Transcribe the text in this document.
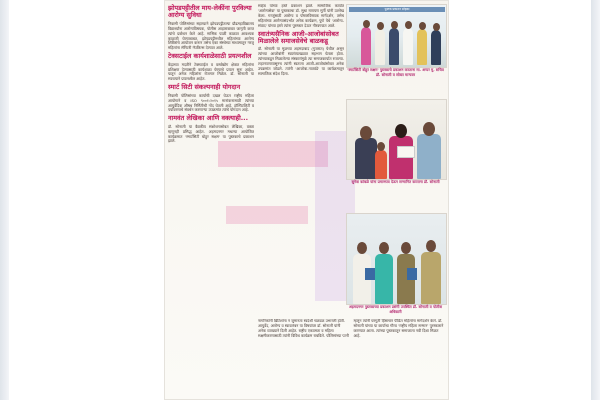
झोपडपट्टीतील माय-लेकींना पुरविल्या आरोग्य सुविधा

निवासी पोलिसांच्या सहाय्याने झोपडपट्टीतल्या प्रौढमहाविद्यालय विद्यार्थ्यांना आरोग्यविषयक, पोलीस आहाराबाबत जागृती करत त्यांचे प्रबोधन केले आहे. मासिक पाळी काळात आवश्यक काळजी घेण्याबाबत, झोपडपट्टीमधील महिलांच्या आरोग्य शिबिरांचे आयोजन करून तसेच एका संस्थेच्या माध्यमातून गरजू महिलांना सॅनिटरी नॅपकिन्स देण्यात आले.

टेक्सटाईल कार्यशाळेसाठी प्रयत्नशील

केंद्राच्या मदतीने टेक्सटाईल व वस्त्रोद्योग क्षेत्रात महिलांना प्रशिक्षण देण्यासाठी कार्यशाळा घेण्याचे प्रयत्न सुरू आहेत. यातून अनेक महिलांना रोजगार मिळेल. डॉ. सोनाली या सातत्याने प्रयत्नशील आहेत.

स्मार्ट सिटी संकल्पनाही योगदान

निवासी पोलिसांच्या कार्याची दखल घेऊन राष्ट्रीय महिला आयोगाने व ISO ९००१:२०१५ मानांकनासाठी त्यांच्या आयुर्वेदिक औषध निर्मितीची नोंद घेतली आहे. हॉस्पिटलिटी व पर्यावरणाचे संवर्धन करणाऱ्या उपक्रमांत त्यांचे योगदान आहे.

नामवंत लेखिका आणि वक्त्याही...

डॉ. सोनाली या वैद्यकीय संशोधनासोबत लेखिका, वक्ता म्हणूनही प्रसिद्ध आहेत. अहमदनगर मधल्या आयोजित कार्यक्रमात 'स्मार्टसिटी बोहुर सक्षम' या पुस्तकाचे प्रकाशन झाले.

साहेब यांच्या हस्ते प्रकाशन झाले. सामाजिक कार्यात 'आरोग्यसेवा' या पुस्तकाचा डॉ. सुधा नारायण मूर्ती यांनी उल्लेख केला. गरजूंसाठी आरोग्य व पोषणविषयक मार्गदर्शन, तसेच महिलांच्या आरोग्यासंदर्भात अनेक कार्यक्रम, पुणे येथे 'आरोग्य-संवाद' यांच्या हस्ते त्यांना पुरस्कार देऊन गौरवण्यात आले.

स्वातंत्र्यसैनिक आजी-आजोबांसोबत मिळालेले समाजसेवेचे बाळकडू

डॉ. सोनाली या मूळच्या अहमदाबाद (गुजरात) येथील असून त्यांच्या आजोबांनी स्वातंत्र्यलढ्यात सहभाग घेतला होता. त्यांच्याकडून मिळालेल्या संस्कारांमुळे त्या समाजकार्यात रुजल्या. लहानपणापासूनच त्यांनी स्वतःला आजी-आजोबांसोबत अनेक उपक्रमांत जोडले. त्यांनी 'आजोबा-नातवंडे' या कार्यक्रमातून सामाजिक संदेश दिला.

पुस्तक प्रकाशन सोहळा
'स्मार्टसिटी बोहुर सक्षम' पुस्तकाचे प्रकाशन करताना मा. अप्पर मु. सचिव डॉ. सोनाली व सोबत मान्यवर
सुनेत्रा कांबळे यांना प्रमाणपत्र देऊन सन्मानित करताना डॉ. सोनाली
अहमदनगर पुस्तकाच्या प्रकाशन प्रसंगी उपस्थित डॉ. सोनाली व पोलीस अधिकारी
नागरिकांनी ब्रिटिशांना न जुमानता स्वदेशी चळवळ उभारली होती. आयुर्वेद, आरोग्य व स्वावलंबन या विषयांवर डॉ. सोनाली यांनी अनेक व्याख्याने दिली आहेत. राष्ट्रीय एकात्मता व महिला सक्षमीकरणासाठी त्यांनी विविध कार्यक्रम राबविले. पोलिसांच्या पत्नी म्हणून त्यांनी घरगुती हिंसाचार पीडित महिलांना मार्गदर्शन केले. डॉ. सोनाली यांच्या या कार्याचा गौरव 'राष्ट्रीय महिला सन्मान' पुरस्काराने करण्यात आला. त्यांच्या पुस्तकातून समाजाला नवी दिशा मिळत आहे.
